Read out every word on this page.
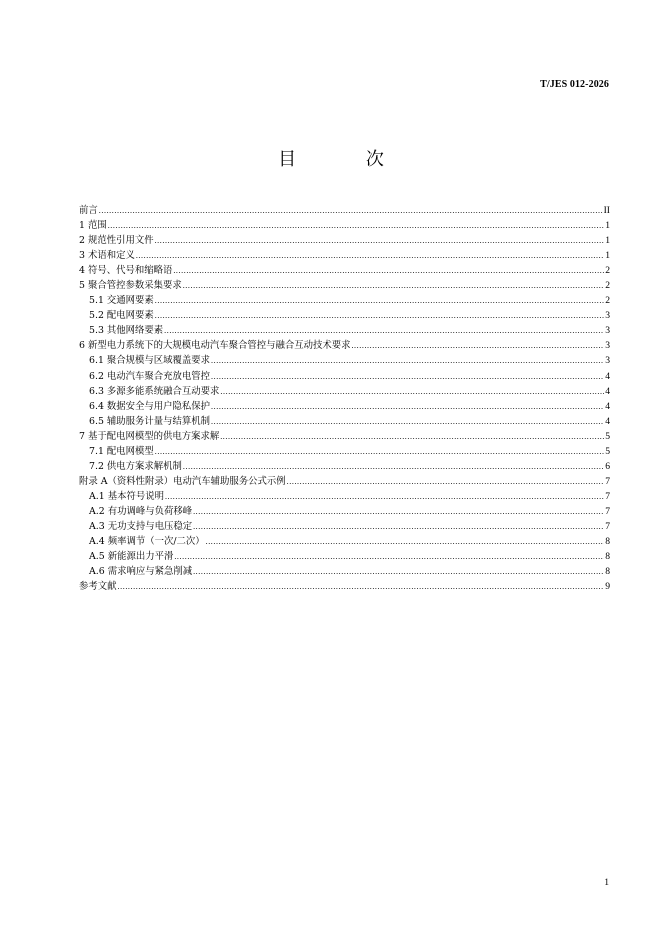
T/JES 012-2026
目 次
前言 .....	II
1 范围 .....	1
2 规范性引用文件 .....	1
3 术语和定义 .....	1
4 符号、代号和缩略语 .....	2
5 聚合管控参数采集要求 .....	2
5.1 交通网要素 .....	2
5.2 配电网要素 .....	3
5.3 其他网络要素 .....	3
6 新型电力系统下的大规模电动汽车聚合管控与融合互动技术要求 .....	3
6.1 聚合规模与区域覆盖要求 .....	3
6.2 电动汽车聚合充放电管控 .....	4
6.3 多源多能系统融合互动要求 .....	4
6.4 数据安全与用户隐私保护 .....	4
6.5 辅助服务计量与结算机制 .....	4
7 基于配电网模型的供电方案求解 .....	5
7.1 配电网模型 .....	5
7.2 供电方案求解机制 .....	6
附录 A（资料性附录）电动汽车辅助服务公式示例 .....	7
A.1 基本符号说明 .....	7
A.2 有功调峰与负荷移峰 .....	7
A.3 无功支持与电压稳定 .....	7
A.4 频率调节（一次/二次） .....	8
A.5 新能源出力平滑 .....	8
A.6 需求响应与紧急削减 .....	8
参考文献 .....	9
1
